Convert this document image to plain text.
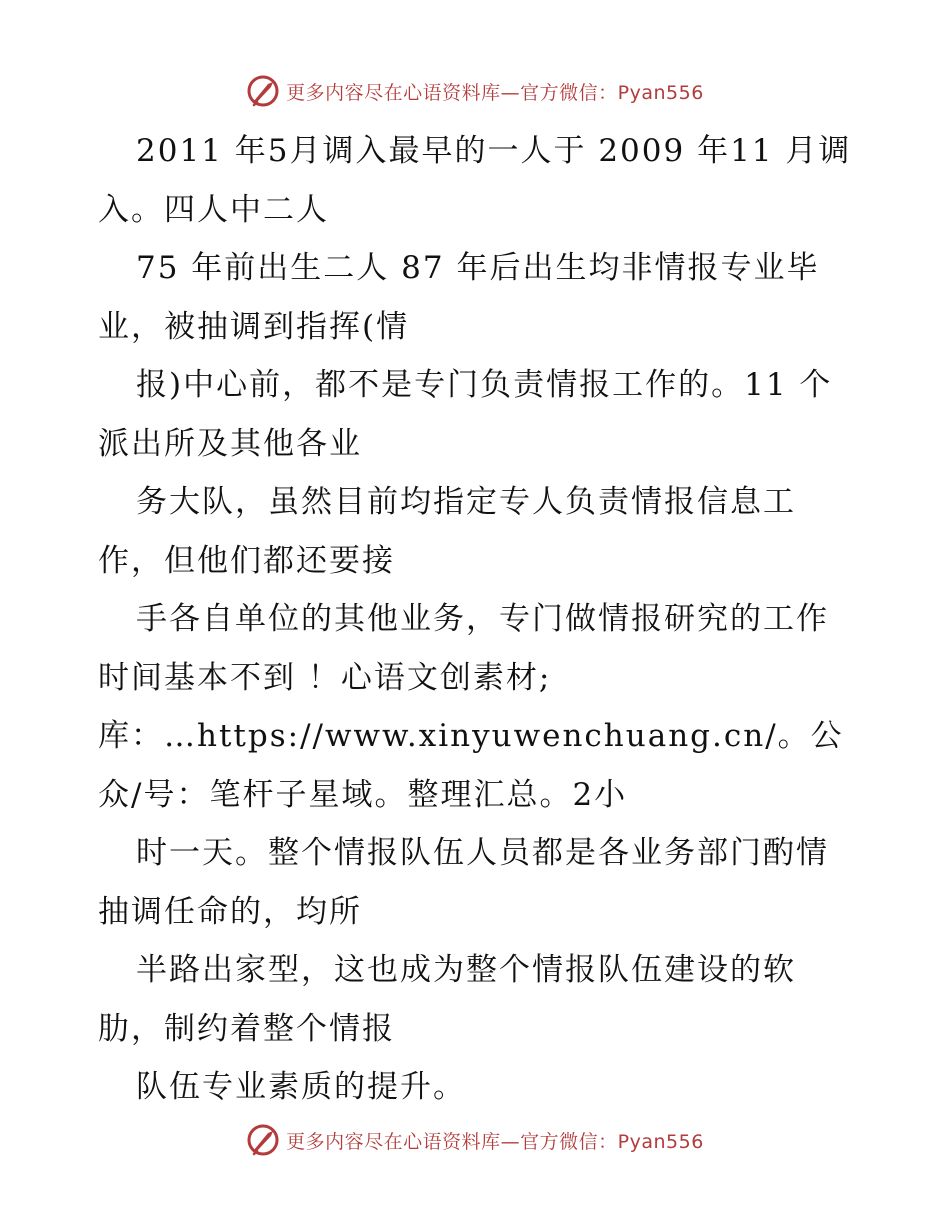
更多内容尽在心语资料库—官方微信：Pyan556
2011 年5月调入最早的一人于 2009 年11 月调
入。四人中二人
75 年前出生二人 87 年后出生均非情报专业毕
业，被抽调到指挥(情
报)中心前，都不是专门负责情报工作的。11 个
派出所及其他各业
务大队，虽然目前均指定专人负责情报信息工
作，但他们都还要接
手各自单位的其他业务，专门做情报研究的工作
时间基本不到 ！心语文创素材;
库：…https://www.xinyuwenchuang.cn/。公
众/号：笔杆子星域。整理汇总。2小
时一天。整个情报队伍人员都是各业务部门酌情
抽调任命的，均所
半路出家型，这也成为整个情报队伍建设的软
肋，制约着整个情报
队伍专业素质的提升。
更多内容尽在心语资料库—官方微信：Pyan556
